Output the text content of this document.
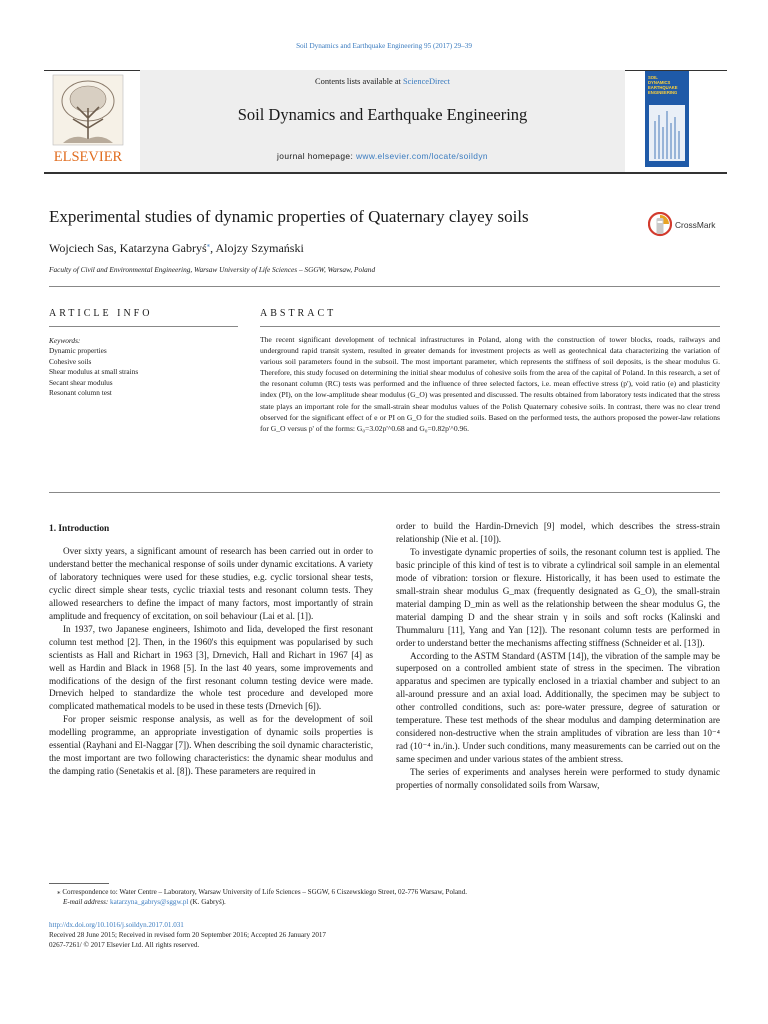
Soil Dynamics and Earthquake Engineering 95 (2017) 29–39
ELSEVIER
Contents lists available at ScienceDirect
Soil Dynamics and Earthquake Engineering
journal homepage: www.elsevier.com/locate/soildyn
SOIL
DYNAMICS
EARTHQUAKE
ENGINEERING
Experimental studies of dynamic properties of Quaternary clayey soils	CrossMark
Wojciech Sas, Katarzyna Gabryś⁎, Alojzy Szymański
Faculty of Civil and Environmental Engineering, Warsaw University of Life Sciences – SGGW, Warsaw, Poland
ARTICLE INFO
Keywords:
Dynamic properties
Cohesive soils
Shear modulus at small strains
Secant shear modulus
Resonant column test
ABSTRACT
The recent significant development of technical infrastructures in Poland, along with the construction of tower blocks, roads, railways and underground rapid transit system, resulted in greater demands for investment projects as well as geotechnical data characterizing the variation of various soil parameters found in the subsoil. The most important parameter, which represents the stiffness of soil deposits, is the shear modulus G. Therefore, this study focused on determining the initial shear modulus of cohesive soils from the area of the capital of Poland. In this research, a set of the resonant column (RC) tests was performed and the influence of three selected factors, i.e. mean effective stress (p'), void ratio (e) and plasticity index (PI), on the low-amplitude shear modulus (G_O) was presented and discussed. The results obtained from laboratory tests indicated that the stress state plays an important role for the small-strain shear modulus values of the Polish Quaternary cohesive soils. In contrast, there was no clear trend observed for the significant effect of e or PI on G_O for the studied soils. Based on the performed tests, the authors proposed the power-law relations for G_O versus p' of the forms: G₀=3.02p'^0.68 and G₀=0.82p'^0.96.
1. Introduction

Over sixty years, a significant amount of research has been carried out in order to understand better the mechanical response of soils under dynamic excitations. A variety of laboratory techniques were used for these studies, e.g. cyclic torsional shear tests, cyclic direct simple shear tests, cyclic triaxial tests and resonant column tests. They allowed researchers to define the impact of many factors, most importantly of strain amplitude and frequency of excitation, on soil behaviour (Lai et al. [1]).

In 1937, two Japanese engineers, Ishimoto and Iida, developed the first resonant column test method [2]. Then, in the 1960's this equipment was popularised by such scientists as Hall and Richart in 1963 [3], Drnevich, Hall and Richart in 1967 [4] as well as Hardin and Black in 1968 [5]. In the last 40 years, some improvements and modifications of the design of the first resonant column testing device were made. Drnevich helped to standardize the whole test procedure and developed more complicated mathematical models to be used in these tests (Drnevich [6]).

For proper seismic response analysis, as well as for the development of soil modelling programme, an appropriate investigation of dynamic soils properties is essential (Rayhani and El-Naggar [7]). When describing the soil dynamic characteristic, the most important are two following characteristics: the dynamic shear modulus and the damping ratio (Senetakis et al. [8]). These parameters are required in

order to build the Hardin-Drnevich [9] model, which describes the stress-strain relationship (Nie et al. [10]).

To investigate dynamic properties of soils, the resonant column test is applied. The basic principle of this kind of test is to vibrate a cylindrical soil sample in an elemental mode of vibration: torsion or flexure. Historically, it has been used to estimate the small-strain shear modulus G_max (frequently designated as G_O), the small-strain material damping D_min as well as the relationship between the shear modulus G, the material damping D and the shear strain γ in soils and soft rocks (Kalinski and Thummaluru [11], Yang and Yan [12]). The resonant column tests are performed in order to understand better the mechanisms affecting stiffness (Schneider et al. [13]).

According to the ASTM Standard (ASTM [14]), the vibration of the sample may be superposed on a controlled ambient state of stress in the specimen. The vibration apparatus and specimen are typically enclosed in a triaxial chamber and subject to an all-around pressure and an axial load. Additionally, the specimen may be subject to other controlled conditions, such as: pore-water pressure, degree of saturation or temperature. These test methods of the shear modulus and damping determination are considered non-destructive when the strain amplitudes of vibration are less than 10⁻⁴ rad (10⁻⁴ in./in.). Under such conditions, many measurements can be carried out on the same specimen and under various states of the ambient stress.

The series of experiments and analyses herein were performed to study dynamic properties of normally consolidated soils from Warsaw,

⁎ Correspondence to: Water Centre – Laboratory, Warsaw University of Life Sciences – SGGW, 6 Ciszewskiego Street, 02-776 Warsaw, Poland.
E-mail address: katarzyna_gabrys@sggw.pl (K. Gabryś).
http://dx.doi.org/10.1016/j.soildyn.2017.01.031
Received 28 June 2015; Received in revised form 20 September 2016; Accepted 26 January 2017
0267-7261/ © 2017 Elsevier Ltd. All rights reserved.
